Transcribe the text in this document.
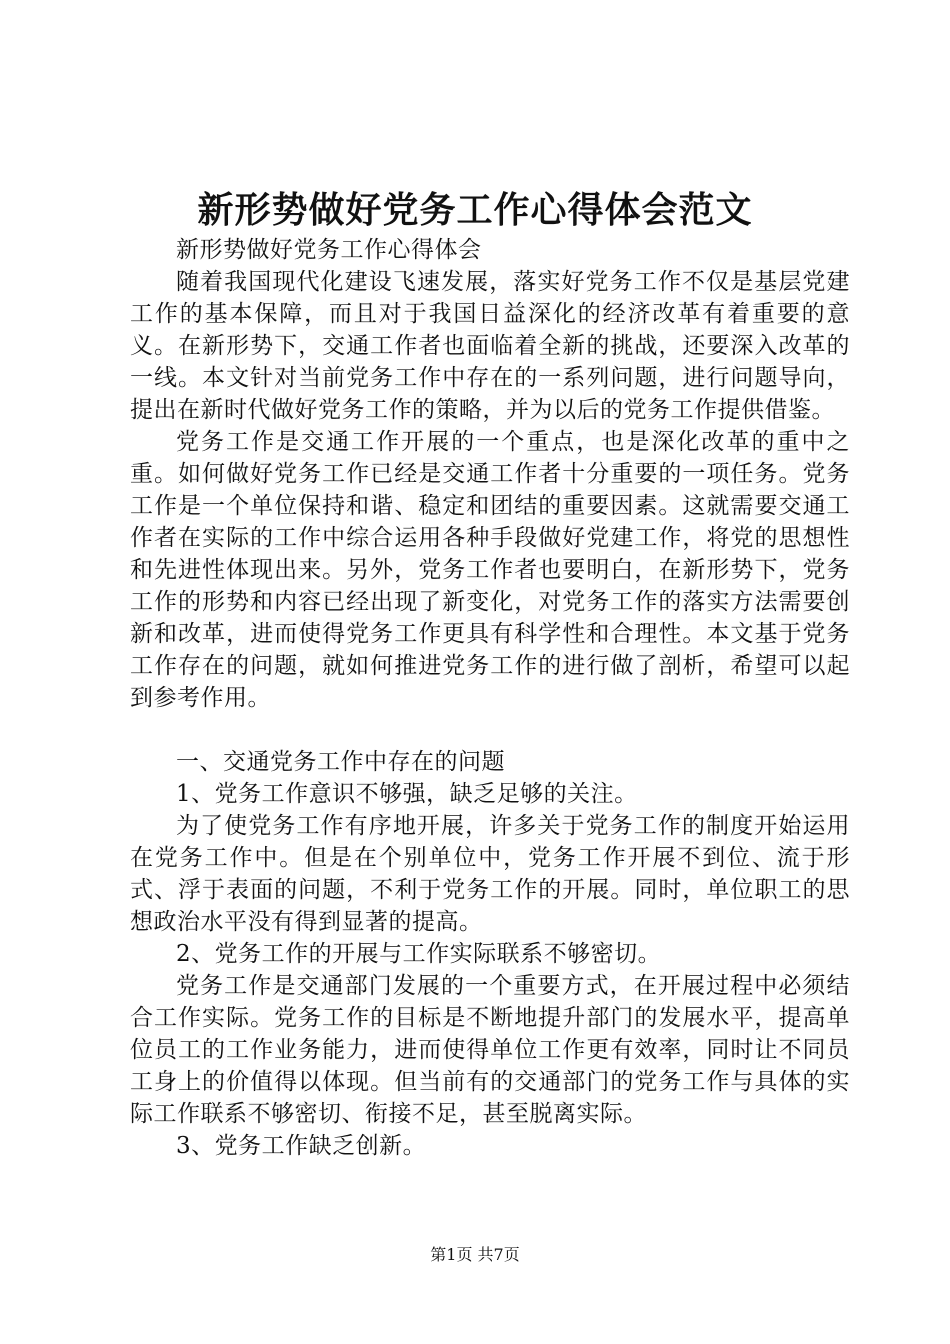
新形势做好党务工作心得体会范文

新形势做好党务工作心得体会

随着我国现代化建设飞速发展，落实好党务工作不仅是基层党建工作的基本保障，而且对于我国日益深化的经济改革有着重要的意义。在新形势下，交通工作者也面临着全新的挑战，还要深入改革的一线。本文针对当前党务工作中存在的一系列问题，进行问题导向，提出在新时代做好党务工作的策略，并为以后的党务工作提供借鉴。

党务工作是交通工作开展的一个重点，也是深化改革的重中之重。如何做好党务工作已经是交通工作者十分重要的一项任务。党务工作是一个单位保持和谐、稳定和团结的重要因素。这就需要交通工作者在实际的工作中综合运用各种手段做好党建工作，将党的思想性和先进性体现出来。另外，党务工作者也要明白，在新形势下，党务工作的形势和内容已经出现了新变化，对党务工作的落实方法需要创新和改革，进而使得党务工作更具有科学性和合理性。本文基于党务工作存在的问题，就如何推进党务工作的进行做了剖析，希望可以起到参考作用。

一、交通党务工作中存在的问题

1、党务工作意识不够强，缺乏足够的关注。

为了使党务工作有序地开展，许多关于党务工作的制度开始运用在党务工作中。但是在个别单位中，党务工作开展不到位、流于形式、浮于表面的问题，不利于党务工作的开展。同时，单位职工的思想政治水平没有得到显著的提高。

2、党务工作的开展与工作实际联系不够密切。

党务工作是交通部门发展的一个重要方式，在开展过程中必须结合工作实际。党务工作的目标是不断地提升部门的发展水平，提高单位员工的工作业务能力，进而使得单位工作更有效率，同时让不同员工身上的价值得以体现。但当前有的交通部门的党务工作与具体的实际工作联系不够密切、衔接不足，甚至脱离实际。

3、党务工作缺乏创新。

第1页 共7页
